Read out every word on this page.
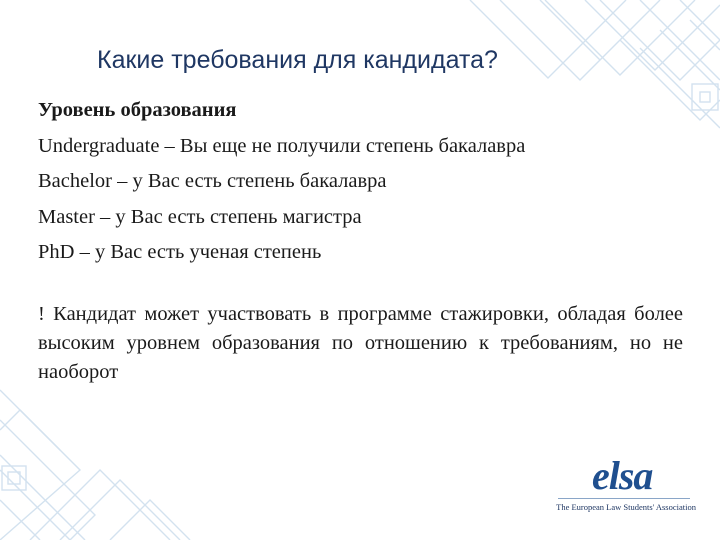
Какие требования для кандидата?
Уровень образования
Undergraduate – Вы еще не получили степень бакалавра
Bachelor – у Вас есть степень бакалавра
Master – у Вас есть степень магистра
PhD – у Вас есть ученая степень
! Кандидат может участвовать в программе стажировки, обладая более высоким уровнем образования по отношению к требованиям, но не наоборот
elsa
The European Law Students' Association
